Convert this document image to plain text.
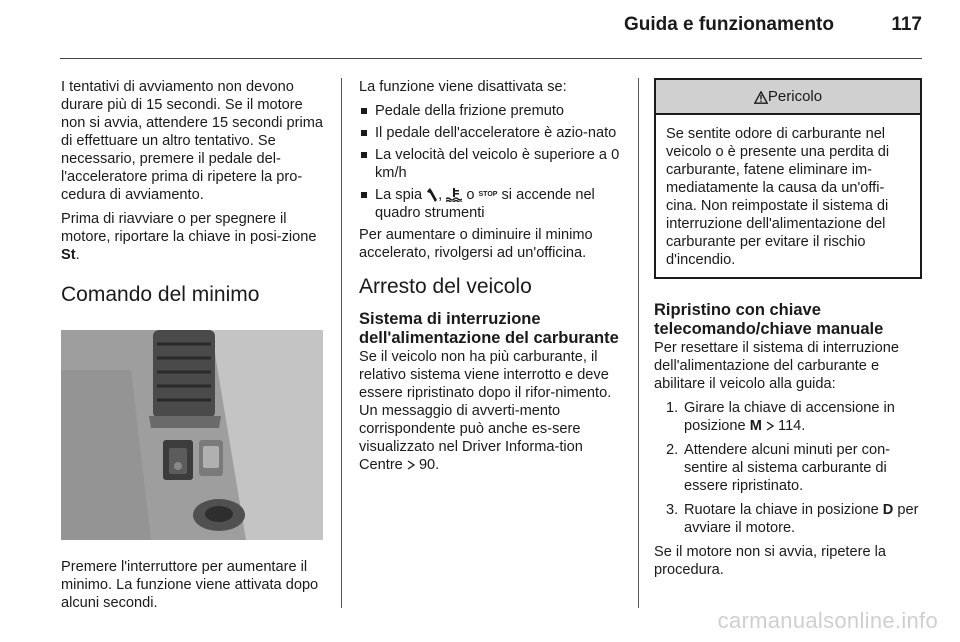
Guida e funzionamento	117

I tentativi di avviamento non devono durare più di 15 secondi. Se il motore non si avvia, attendere 15 secondi prima di effettuare un altro tentativo. Se necessario, premere il pedale del-l'acceleratore prima di ripetere la pro-cedura di avviamento.

Prima di riavviare o per spegnere il motore, riportare la chiave in posi-zione St.

Comando del minimo

Premere l'interruttore per aumentare il minimo. La funzione viene attivata dopo alcuni secondi.

La funzione viene disattivata se:

Pedale della frizione premuto
Il pedale dell'acceleratore è azio-nato
La velocità del veicolo è superiore a 0 km/h
La spia , o STOP si accende nel quadro strumenti

Per aumentare o diminuire il minimo accelerato, rivolgersi ad un'officina.

Arresto del veicolo
Sistema di interruzione dell'alimentazione del carburante

Se il veicolo non ha più carburante, il relativo sistema viene interrotto e deve essere ripristinato dopo il rifor-nimento. Un messaggio di avverti-mento corrispondente può anche es-sere visualizzato nel Driver Informa-tion Centre 90.

Pericolo
Se sentite odore di carburante nel veicolo o è presente una perdita di carburante, fatene eliminare im-mediatamente la causa da un'offi-cina. Non reimpostate il sistema di interruzione dell'alimentazione del carburante per evitare il rischio d'incendio.
Ripristino con chiave telecomando/chiave manuale

Per resettare il sistema di interruzione dell'alimentazione del carburante e abilitare il veicolo alla guida:

1. Girare la chiave di accensione in posizione M 114.
2. Attendere alcuni minuti per con-sentire al sistema carburante di essere ripristinato.
3. Ruotare la chiave in posizione D per avviare il motore.

Se il motore non si avvia, ripetere la procedura.

carmanualsonline.info
